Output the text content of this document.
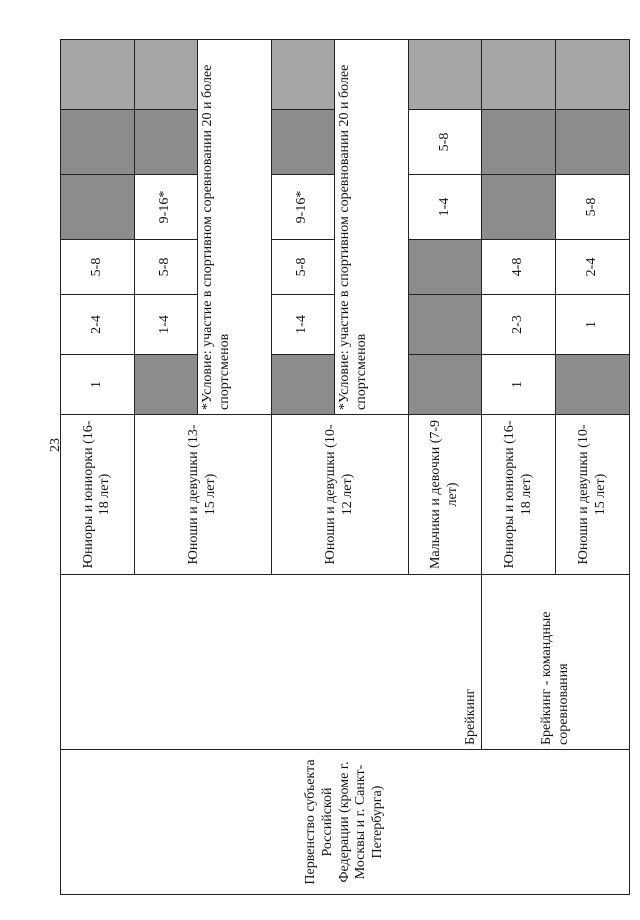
23
Первенство субъекта Российской Федерации (кроме г. Москвы и г. Санкт-Петербурга)	Брейкинг	Юниоры и юниорки (16-18 лет)	1	2-4	5-8			
		Юноши и девушки (13-15 лет)		1-4	5-8	9-16*		
			*Условие: участие в спортивном соревновании 20 и более спортсменов					
		Юноши и девушки (10-12 лет)		1-4	5-8	9-16*		
			*Условие: участие в спортивном соревновании 20 и более спортсменов					
		Мальчики и девочки (7-9 лет)				1-4	5-8	
	Брейкинг - командные соревнования	Юниоры и юниорки (16-18 лет)	1	2-3	4-8			
		Юноши и девушки (10-15 лет)		1	2-4	5-8		
